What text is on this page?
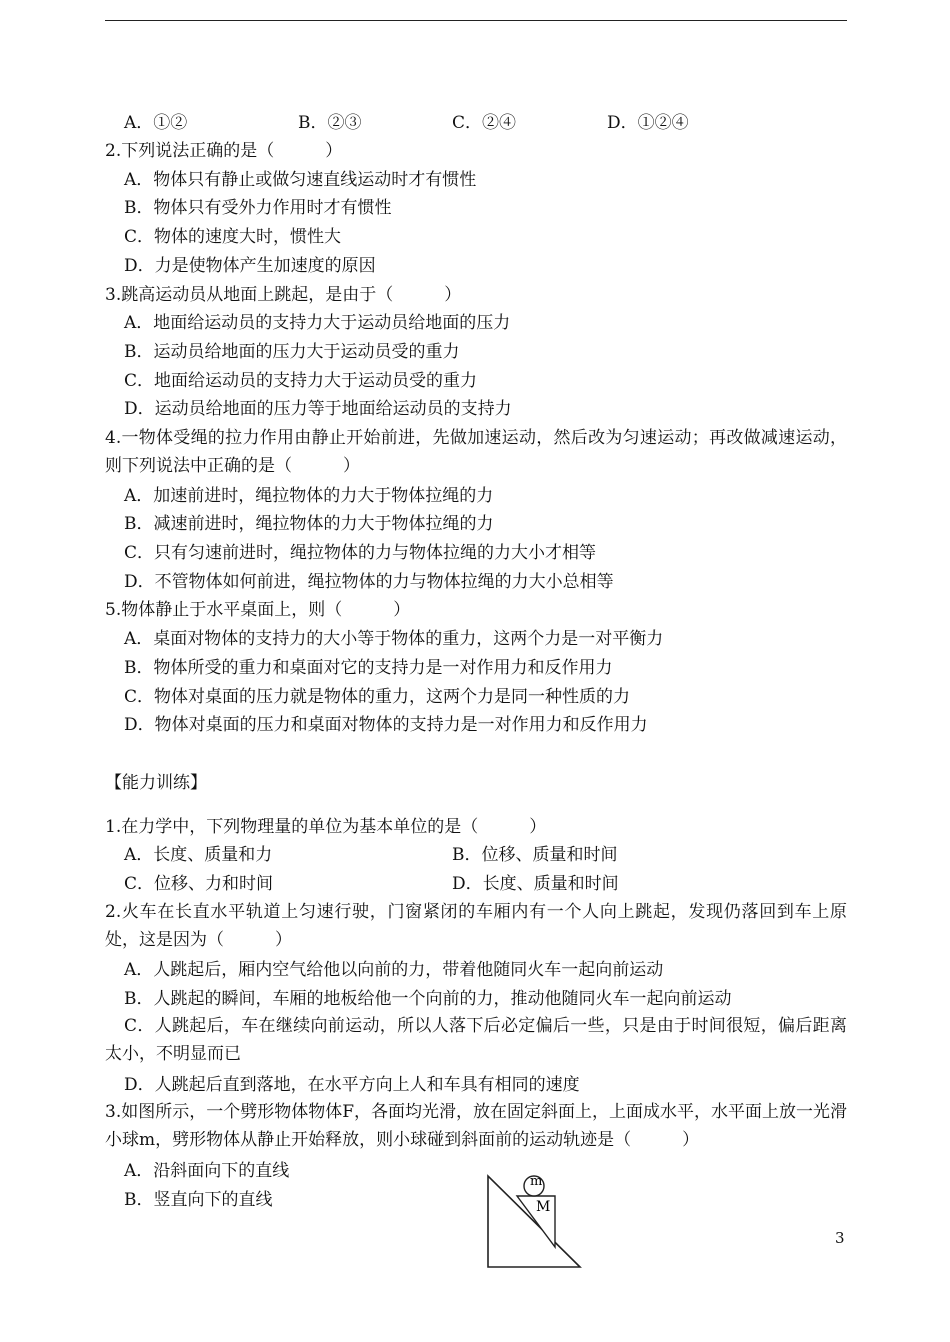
A．①②	B．②③	C．②④	D．①②④
2.下列说法正确的是（　　　）
A．物体只有静止或做匀速直线运动时才有惯性
B．物体只有受外力作用时才有惯性
C．物体的速度大时，惯性大
D．力是使物体产生加速度的原因
3.跳高运动员从地面上跳起，是由于（　　　）
A．地面给运动员的支持力大于运动员给地面的压力
B．运动员给地面的压力大于运动员受的重力
C．地面给运动员的支持力大于运动员受的重力
D．运动员给地面的压力等于地面给运动员的支持力
4.一物体受绳的拉力作用由静止开始前进，先做加速运动，然后改为匀速运动；再改做减速运动，则下列说法中正确的是（　　　）
A．加速前进时，绳拉物体的力大于物体拉绳的力
B．减速前进时，绳拉物体的力大于物体拉绳的力
C．只有匀速前进时，绳拉物体的力与物体拉绳的力大小才相等
D．不管物体如何前进，绳拉物体的力与物体拉绳的力大小总相等
5.物体静止于水平桌面上，则（　　　）
A．桌面对物体的支持力的大小等于物体的重力，这两个力是一对平衡力
B．物体所受的重力和桌面对它的支持力是一对作用力和反作用力
C．物体对桌面的压力就是物体的重力，这两个力是同一种性质的力
D．物体对桌面的压力和桌面对物体的支持力是一对作用力和反作用力
【能力训练】
1.在力学中，下列物理量的单位为基本单位的是（　　　）
A．长度、质量和力	B．位移、质量和时间
C．位移、力和时间	D．长度、质量和时间
2.火车在长直水平轨道上匀速行驶，门窗紧闭的车厢内有一个人向上跳起，发现仍落回到车上原处，这是因为（　　　）
A．人跳起后，厢内空气给他以向前的力，带着他随同火车一起向前运动
B．人跳起的瞬间，车厢的地板给他一个向前的力，推动他随同火车一起向前运动
C．人跳起后，车在继续向前运动，所以人落下后必定偏后一些，只是由于时间很短，偏后距离太小，不明显而已
D．人跳起后直到落地，在水平方向上人和车具有相同的速度
3.如图所示，一个劈形物体物体F，各面均光滑，放在固定斜面上，上面成水平，水平面上放一光滑小球m，劈形物体从静止开始释放，则小球碰到斜面前的运动轨迹是（　　　）
A．沿斜面向下的直线
B．竖直向下的直线
m
M
3
